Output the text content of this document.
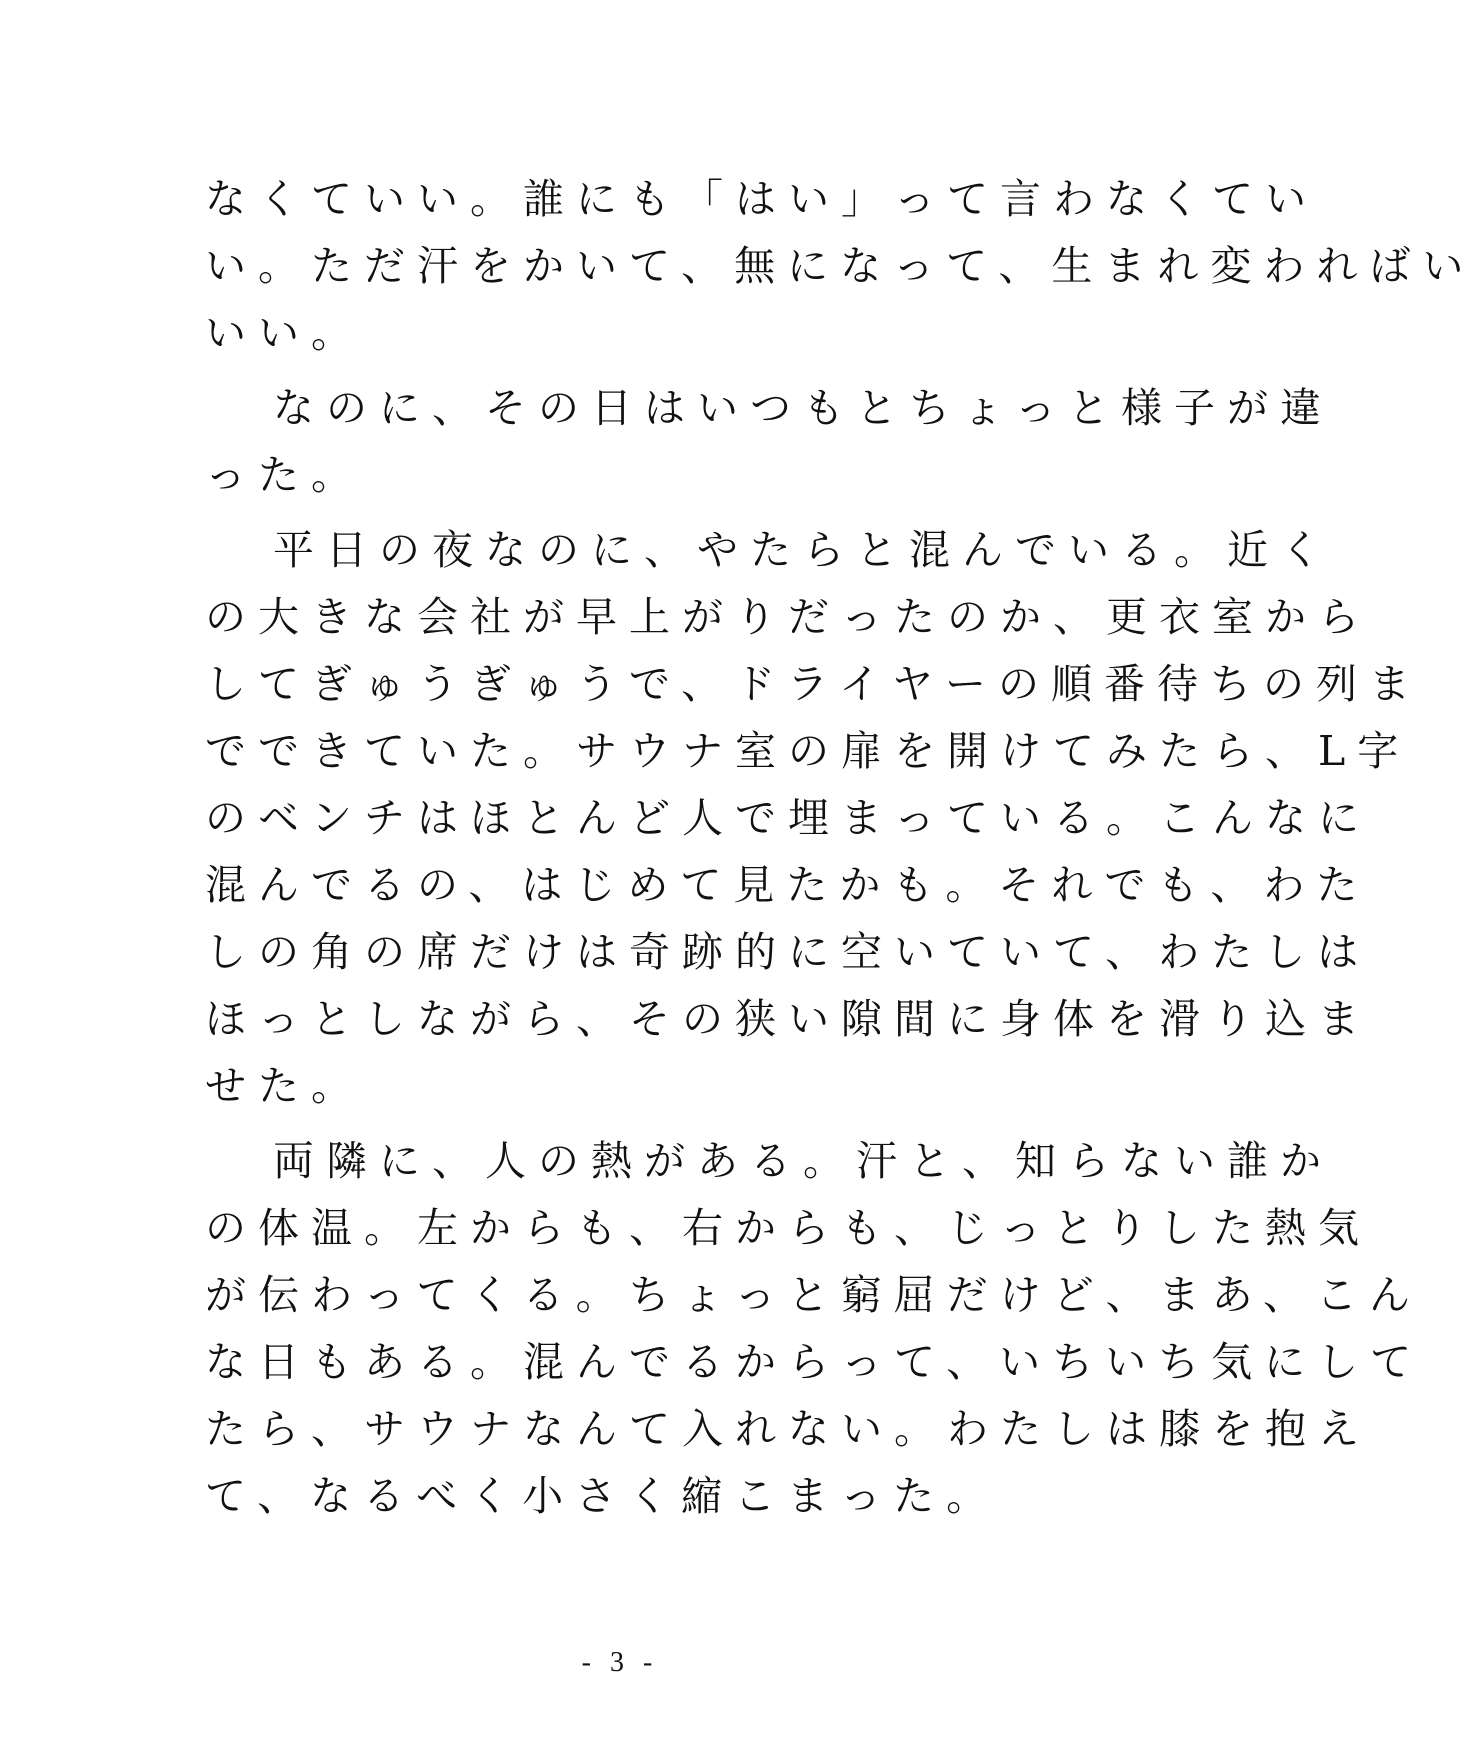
なくていい。誰にも「はい」って言わなくてい
い。ただ汗をかいて、無になって、生まれ変わればい
いい。
なのに、その日はいつもとちょっと様子が違
った。
平日の夜なのに、やたらと混んでいる。近く
の大きな会社が早上がりだったのか、更衣室から
してぎゅうぎゅうで、ドライヤーの順番待ちの列ま
でできていた。サウナ室の扉を開けてみたら、L字
のベンチはほとんど人で埋まっている。こんなに
混んでるの、はじめて見たかも。それでも、わた
しの角の席だけは奇跡的に空いていて、わたしは
ほっとしながら、その狭い隙間に身体を滑り込ま
せた。
両隣に、人の熱がある。汗と、知らない誰か
の体温。左からも、右からも、じっとりした熱気
が伝わってくる。ちょっと窮屈だけど、まあ、こん
な日もある。混んでるからって、いちいち気にして
たら、サウナなんて入れない。わたしは膝を抱え
て、なるべく小さく縮こまった。
- 3 -
